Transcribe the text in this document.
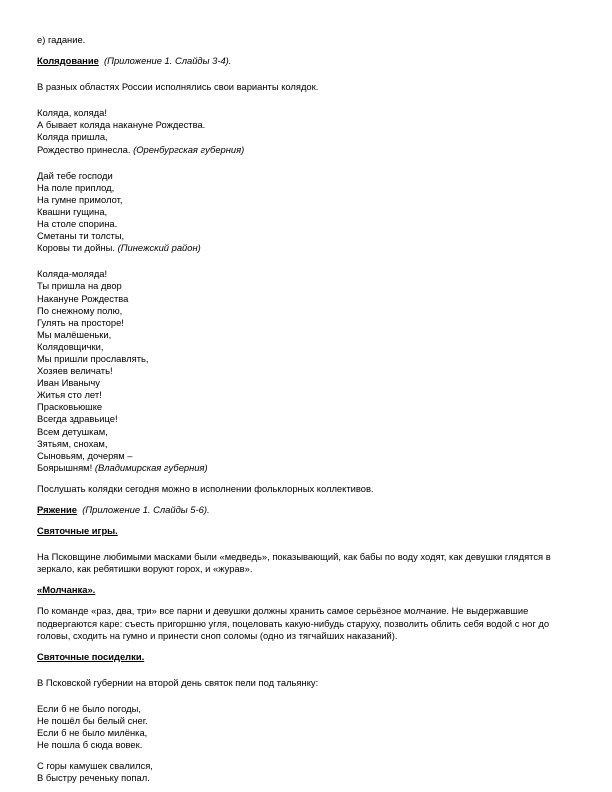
е) гадание.

Колядование (Приложение 1. Слайды 3-4).

В разных областях России исполнялись свои варианты колядок.

Коляда, коляда!
А бывает коляда накануне Рождества.
Коляда пришла,
Рождество принесла. (Оренбургская губерния)
Дай тебе господи
На поле приплод,
На гумне примолот,
Квашни гущина,
На столе спорина.
Сметаны ти толсты,
Коровы ти дойны. (Пинежский район)
Коляда-моляда!
Ты пришла на двор
Накануне Рождества
По снежному полю,
Гулять на просторе!
Мы малёшеньки,
Колядовщички,
Мы пришли прославлять,
Хозяев величать!
Иван Иванычу
Житья сто лет!
Прасковьюшке
Всегда здравьице!
Всем детушкам,
Зятьям, снохам,
Сыновьям, дочерям –
Боярышням! (Владимирская губерния)

Послушать колядки сегодня можно в исполнении фольклорных коллективов.

Ряжение (Приложение 1. Слайды 5-6).

Святочные игры.

На Псковщине любимыми масками были «медведь», показывающий, как бабы по воду ходят, как девушки глядятся в зеркало, как ребятишки воруют горох, и «журав».

«Молчанка».

По команде «раз, два, три» все парни и девушки должны хранить самое серьёзное молчание. Не выдержавшие подвергаются каре: съесть пригоршню угля, поцеловать какую-нибудь старуху, позволить облить себя водой с ног до головы, сходить на гумно и принести сноп соломы (одно из тягчайших наказаний).

Святочные посиделки.

В Псковской губернии на второй день святок пели под тальянку:

Если б не было погоды,
Не пошёл бы белый снег.
Если б не было милёнка,
Не пошла б сюда вовек.
С горы камушек свалился,
В быстру реченьку попал.
